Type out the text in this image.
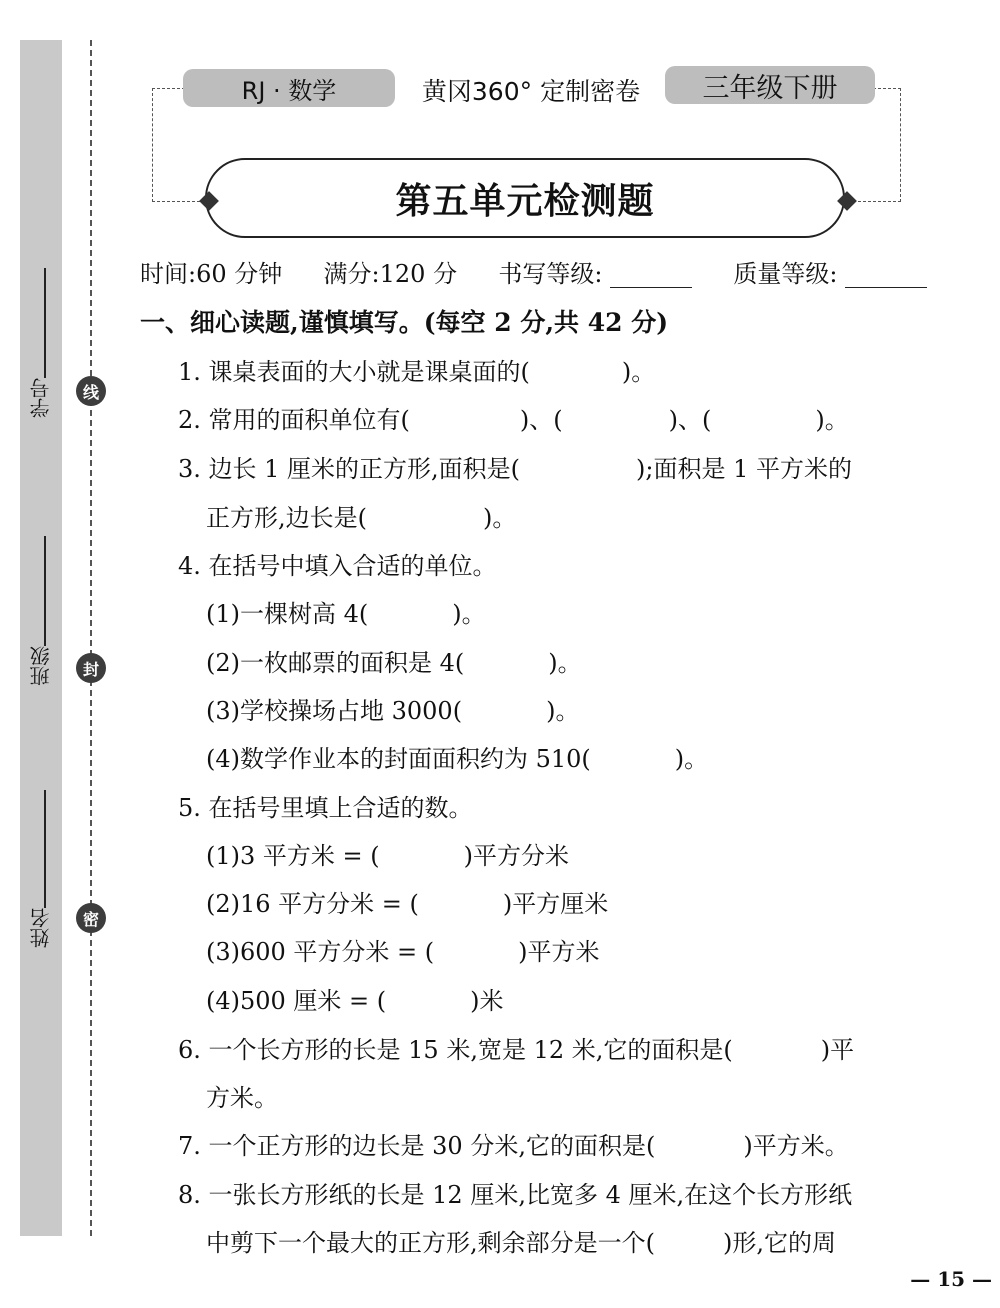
学号
班级
姓名
线
封
密
RJ · 数学	黄冈360° 定制密卷	三年级下册
第五单元检测题
时间:60 分钟 满分:120 分 书写等级:	质量等级:
一、细心读题,谨慎填写。(每空 2 分,共 42 分)
1. 课桌表面的大小就是课桌面的(	)。
2. 常用的面积单位有(	)、(	)、(	)。
3. 边长 1 厘米的正方形,面积是(	);面积是 1 平方米的
正方形,边长是(	)。
4. 在括号中填入合适的单位。
(1)一棵树高 4(	)。
(2)一枚邮票的面积是 4(	)。
(3)学校操场占地 3000(	)。
(4)数学作业本的封面面积约为 510(	)。
5. 在括号里填上合适的数。
(1)3 平方米 = (	)平方分米
(2)16 平方分米 = (	)平方厘米
(3)600 平方分米 = (	)平方米
(4)500 厘米 = (	)米
6. 一个长方形的长是 15 米,宽是 12 米,它的面积是(	)平
方米。
7. 一个正方形的边长是 30 分米,它的面积是(	)平方米。
8. 一张长方形纸的长是 12 厘米,比宽多 4 厘米,在这个长方形纸
中剪下一个最大的正方形,剩余部分是一个(	)形,它的周
— 15 —
